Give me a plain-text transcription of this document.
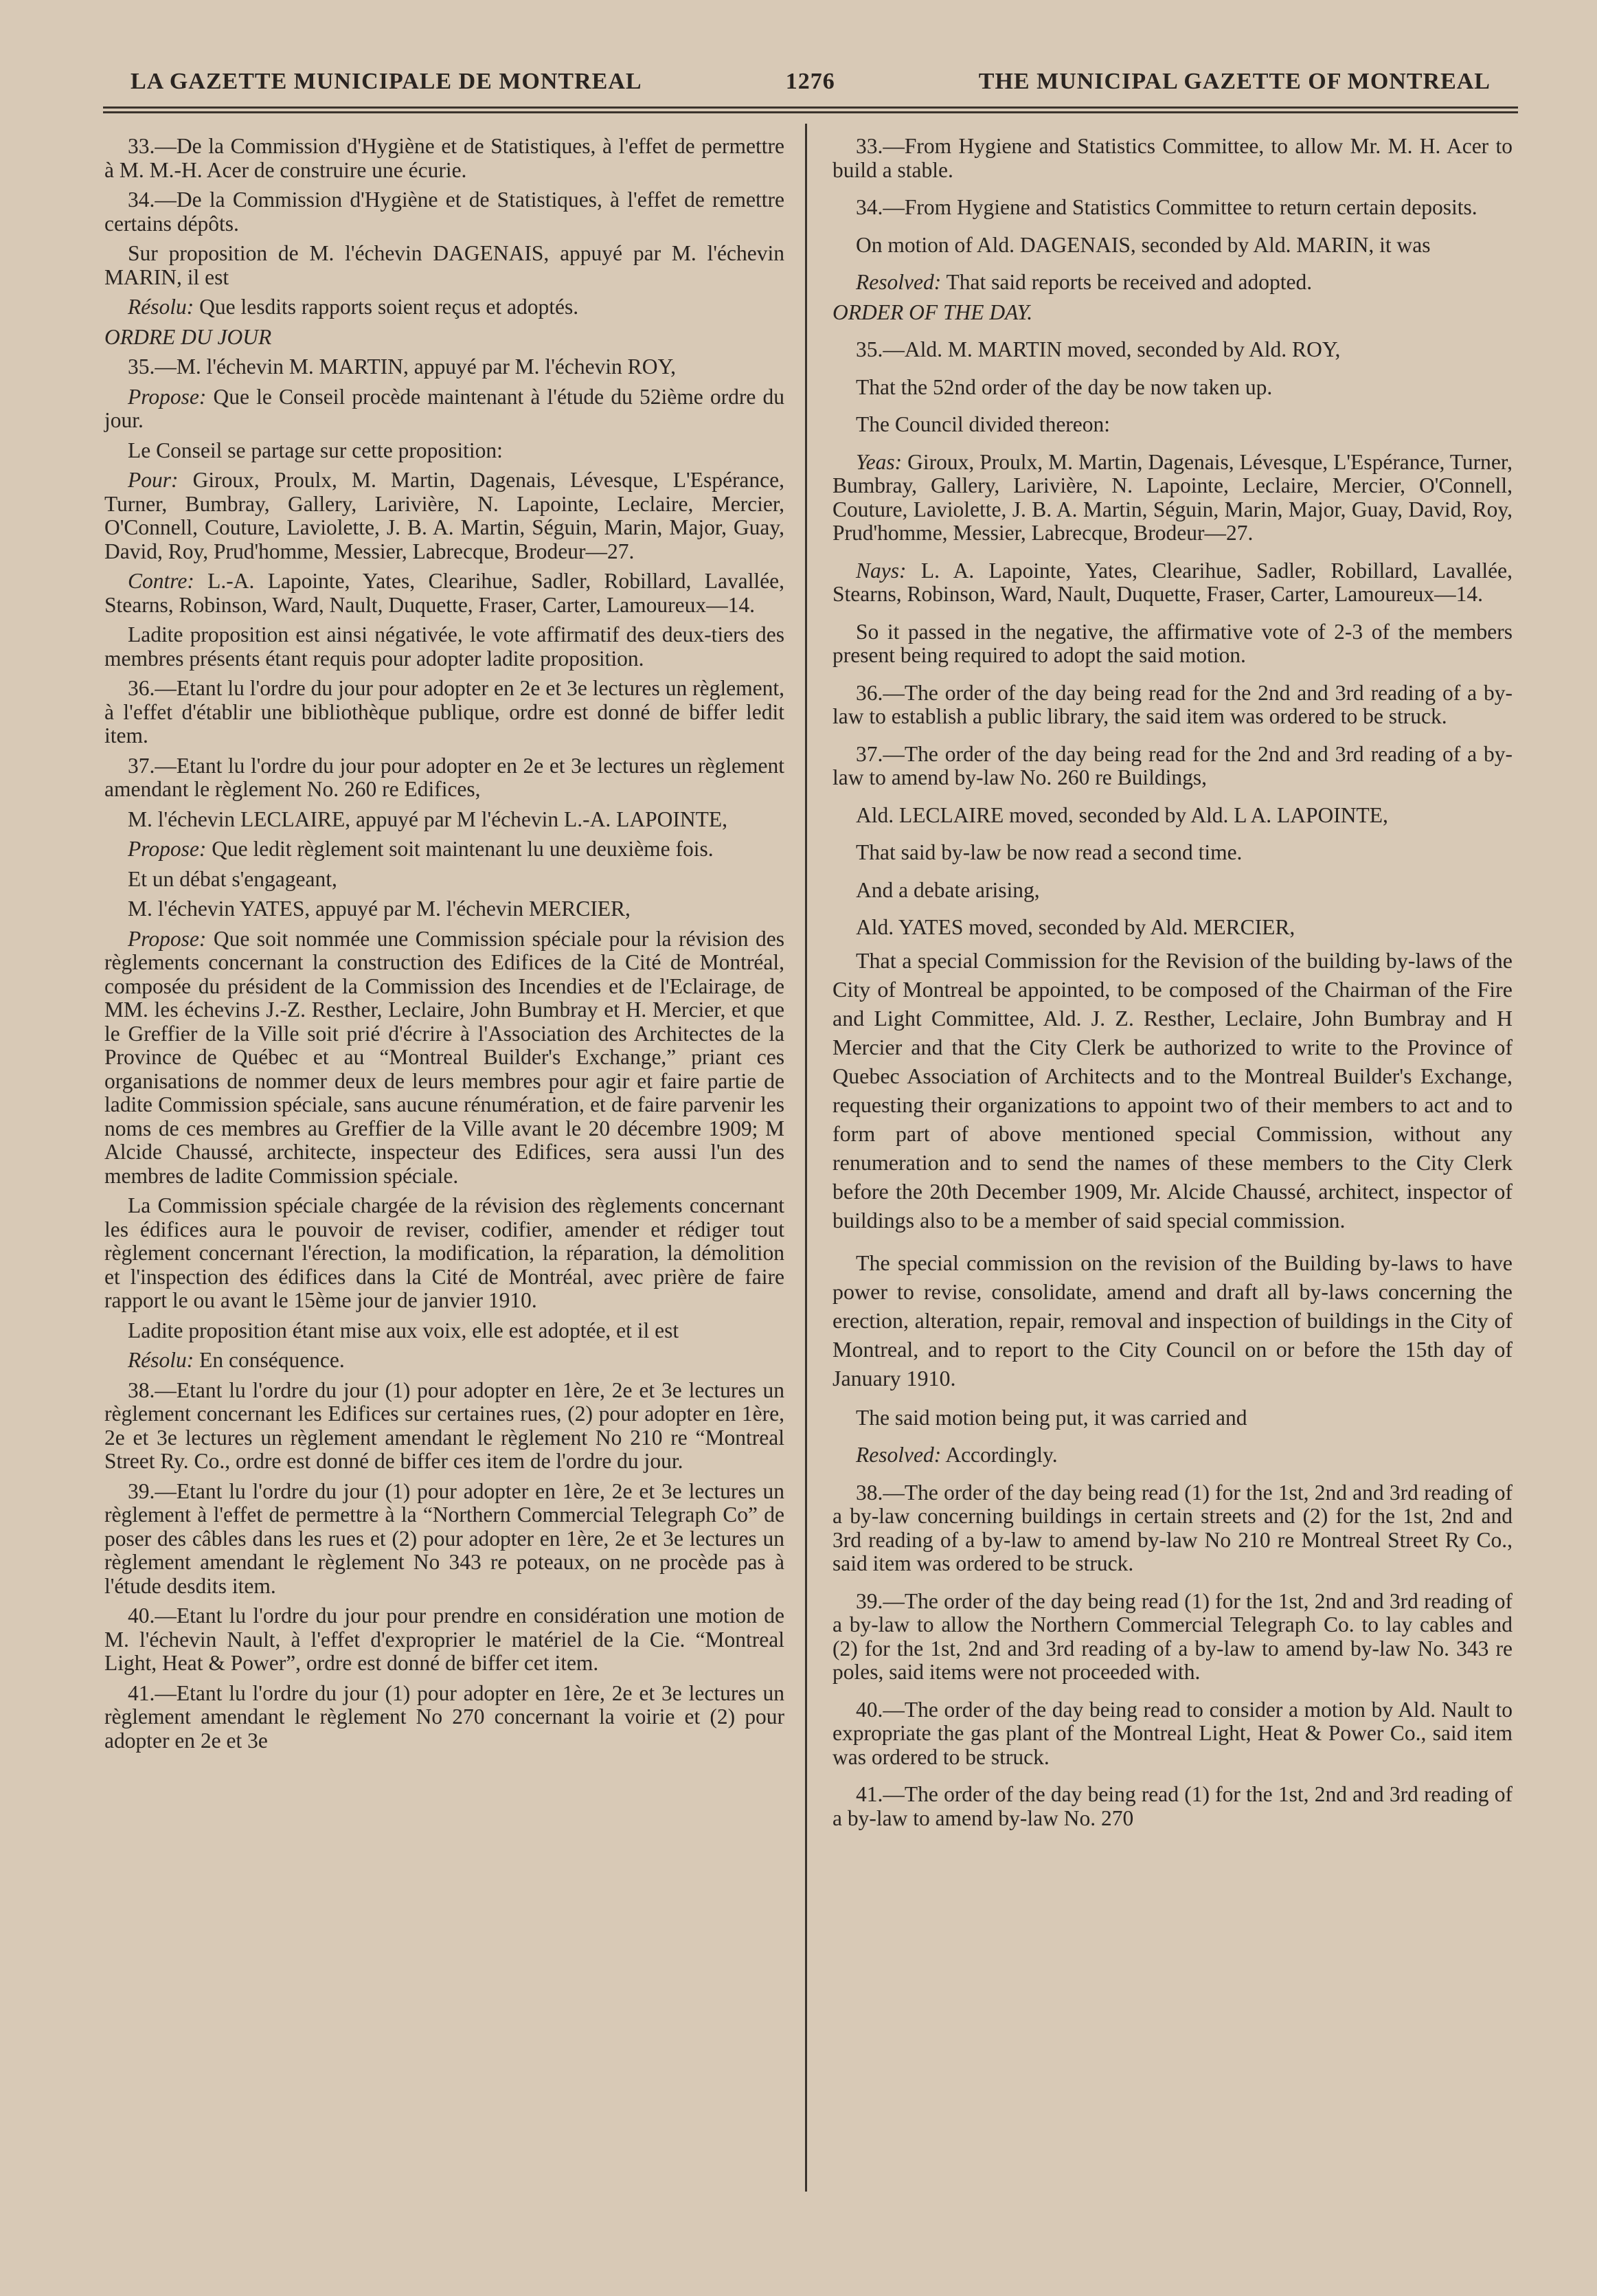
LA GAZETTE MUNICIPALE DE MONTREAL	1276	THE MUNICIPAL GAZETTE OF MONTREAL

33.—De la Commission d'Hygiène et de Statistiques, à l'effet de permettre à M. M.-H. Acer de construire une écurie.

34.—De la Commission d'Hygiène et de Statistiques, à l'effet de remettre certains dépôts.

Sur proposition de M. l'échevin DAGENAIS, appuyé par M. l'échevin MARIN, il est

Résolu: Que lesdits rapports soient reçus et adoptés.

ORDRE DU JOUR

35.—M. l'échevin M. MARTIN, appuyé par M. l'échevin ROY,

Propose: Que le Conseil procède maintenant à l'étude du 52ième ordre du jour.

Le Conseil se partage sur cette proposition:

Pour: Giroux, Proulx, M. Martin, Dagenais, Lévesque, L'Espérance, Turner, Bumbray, Gallery, Larivière, N. Lapointe, Leclaire, Mercier, O'Connell, Couture, Laviolette, J. B. A. Martin, Séguin, Marin, Major, Guay, David, Roy, Prud'homme, Messier, Labrecque, Brodeur—27.

Contre: L.-A. Lapointe, Yates, Clearihue, Sadler, Robillard, Lavallée, Stearns, Robinson, Ward, Nault, Duquette, Fraser, Carter, Lamoureux—14.

Ladite proposition est ainsi négativée, le vote affirmatif des deux-tiers des membres présents étant requis pour adopter ladite proposition.

36.—Etant lu l'ordre du jour pour adopter en 2e et 3e lectures un règlement, à l'effet d'établir une bibliothèque publique, ordre est donné de biffer ledit item.

37.—Etant lu l'ordre du jour pour adopter en 2e et 3e lectures un règlement amendant le règlement No. 260 re Edifices,

M. l'échevin LECLAIRE, appuyé par M l'échevin L.-A. LAPOINTE,

Propose: Que ledit règlement soit maintenant lu une deuxième fois.

Et un débat s'engageant,

M. l'échevin YATES, appuyé par M. l'échevin MERCIER,

Propose: Que soit nommée une Commission spéciale pour la révision des règlements concernant la construction des Edifices de la Cité de Montréal, composée du président de la Commission des Incendies et de l'Eclairage, de MM. les échevins J.-Z. Resther, Leclaire, John Bumbray et H. Mercier, et que le Greffier de la Ville soit prié d'écrire à l'Association des Architectes de la Province de Québec et au “Montreal Builder's Exchange,” priant ces organisations de nommer deux de leurs membres pour agir et faire partie de ladite Commission spéciale, sans aucune rénumération, et de faire parvenir les noms de ces membres au Greffier de la Ville avant le 20 décembre 1909; M Alcide Chaussé, architecte, inspecteur des Edifices, sera aussi l'un des membres de ladite Commission spéciale.

La Commission spéciale chargée de la révision des règlements concernant les édifices aura le pouvoir de reviser, codifier, amender et rédiger tout règlement concernant l'érection, la modification, la réparation, la démolition et l'inspection des édifices dans la Cité de Montréal, avec prière de faire rapport le ou avant le 15ème jour de janvier 1910.

Ladite proposition étant mise aux voix, elle est adoptée, et il est

Résolu: En conséquence.

38.—Etant lu l'ordre du jour (1) pour adopter en 1ère, 2e et 3e lectures un règlement concernant les Edifices sur certaines rues, (2) pour adopter en 1ère, 2e et 3e lectures un règlement amendant le règlement No 210 re “Montreal Street Ry. Co., ordre est donné de biffer ces item de l'ordre du jour.

39.—Etant lu l'ordre du jour (1) pour adopter en 1ère, 2e et 3e lectures un règlement à l'effet de permettre à la “Northern Commercial Telegraph Co” de poser des câbles dans les rues et (2) pour adopter en 1ère, 2e et 3e lectures un règlement amendant le règlement No 343 re poteaux, on ne procède pas à l'étude desdits item.

40.—Etant lu l'ordre du jour pour prendre en considération une motion de M. l'échevin Nault, à l'effet d'exproprier le matériel de la Cie. “Montreal Light, Heat & Power”, ordre est donné de biffer cet item.

41.—Etant lu l'ordre du jour (1) pour adopter en 1ère, 2e et 3e lectures un règlement amendant le règlement No 270 concernant la voirie et (2) pour adopter en 2e et 3e

33.—From Hygiene and Statistics Committee, to allow Mr. M. H. Acer to build a stable.

34.—From Hygiene and Statistics Committee to return certain deposits.

On motion of Ald. DAGENAIS, seconded by Ald. MARIN, it was

Resolved: That said reports be received and adopted.

ORDER OF THE DAY.

35.—Ald. M. MARTIN moved, seconded by Ald. ROY,

That the 52nd order of the day be now taken up.

The Council divided thereon:

Yeas: Giroux, Proulx, M. Martin, Dagenais, Lévesque, L'Espérance, Turner, Bumbray, Gallery, Larivière, N. Lapointe, Leclaire, Mercier, O'Connell, Couture, Laviolette, J. B. A. Martin, Séguin, Marin, Major, Guay, David, Roy, Prud'homme, Messier, Labrecque, Brodeur—27.

Nays: L. A. Lapointe, Yates, Clearihue, Sadler, Robillard, Lavallée, Stearns, Robinson, Ward, Nault, Duquette, Fraser, Carter, Lamoureux—14.

So it passed in the negative, the affirmative vote of 2-3 of the members present being required to adopt the said motion.

36.—The order of the day being read for the 2nd and 3rd reading of a by-law to establish a public library, the said item was ordered to be struck.

37.—The order of the day being read for the 2nd and 3rd reading of a by-law to amend by-law No. 260 re Buildings,

Ald. LECLAIRE moved, seconded by Ald. L A. LAPOINTE,

That said by-law be now read a second time.

And a debate arising,

Ald. YATES moved, seconded by Ald. MERCIER,

That a special Commission for the Revision of the building by-laws of the City of Montreal be appointed, to be composed of the Chairman of the Fire and Light Committee, Ald. J. Z. Resther, Leclaire, John Bumbray and H Mercier and that the City Clerk be authorized to write to the Province of Quebec Association of Architects and to the Montreal Builder's Exchange, requesting their organizations to appoint two of their members to act and to form part of above mentioned special Commission, without any renumeration and to send the names of these members to the City Clerk before the 20th December 1909, Mr. Alcide Chaussé, architect, inspector of buildings also to be a member of said special commission.

The special commission on the revision of the Building by-laws to have power to revise, consolidate, amend and draft all by-laws concerning the erection, alteration, repair, removal and inspection of buildings in the City of Montreal, and to report to the City Council on or before the 15th day of January 1910.

The said motion being put, it was carried and

Resolved: Accordingly.

38.—The order of the day being read (1) for the 1st, 2nd and 3rd reading of a by-law concerning buildings in certain streets and (2) for the 1st, 2nd and 3rd reading of a by-law to amend by-law No 210 re Montreal Street Ry Co., said item was ordered to be struck.

39.—The order of the day being read (1) for the 1st, 2nd and 3rd reading of a by-law to allow the Northern Commercial Telegraph Co. to lay cables and (2) for the 1st, 2nd and 3rd reading of a by-law to amend by-law No. 343 re poles, said items were not proceeded with.

40.—The order of the day being read to consider a motion by Ald. Nault to expropriate the gas plant of the Montreal Light, Heat & Power Co., said item was ordered to be struck.

41.—The order of the day being read (1) for the 1st, 2nd and 3rd reading of a by-law to amend by-law No. 270
